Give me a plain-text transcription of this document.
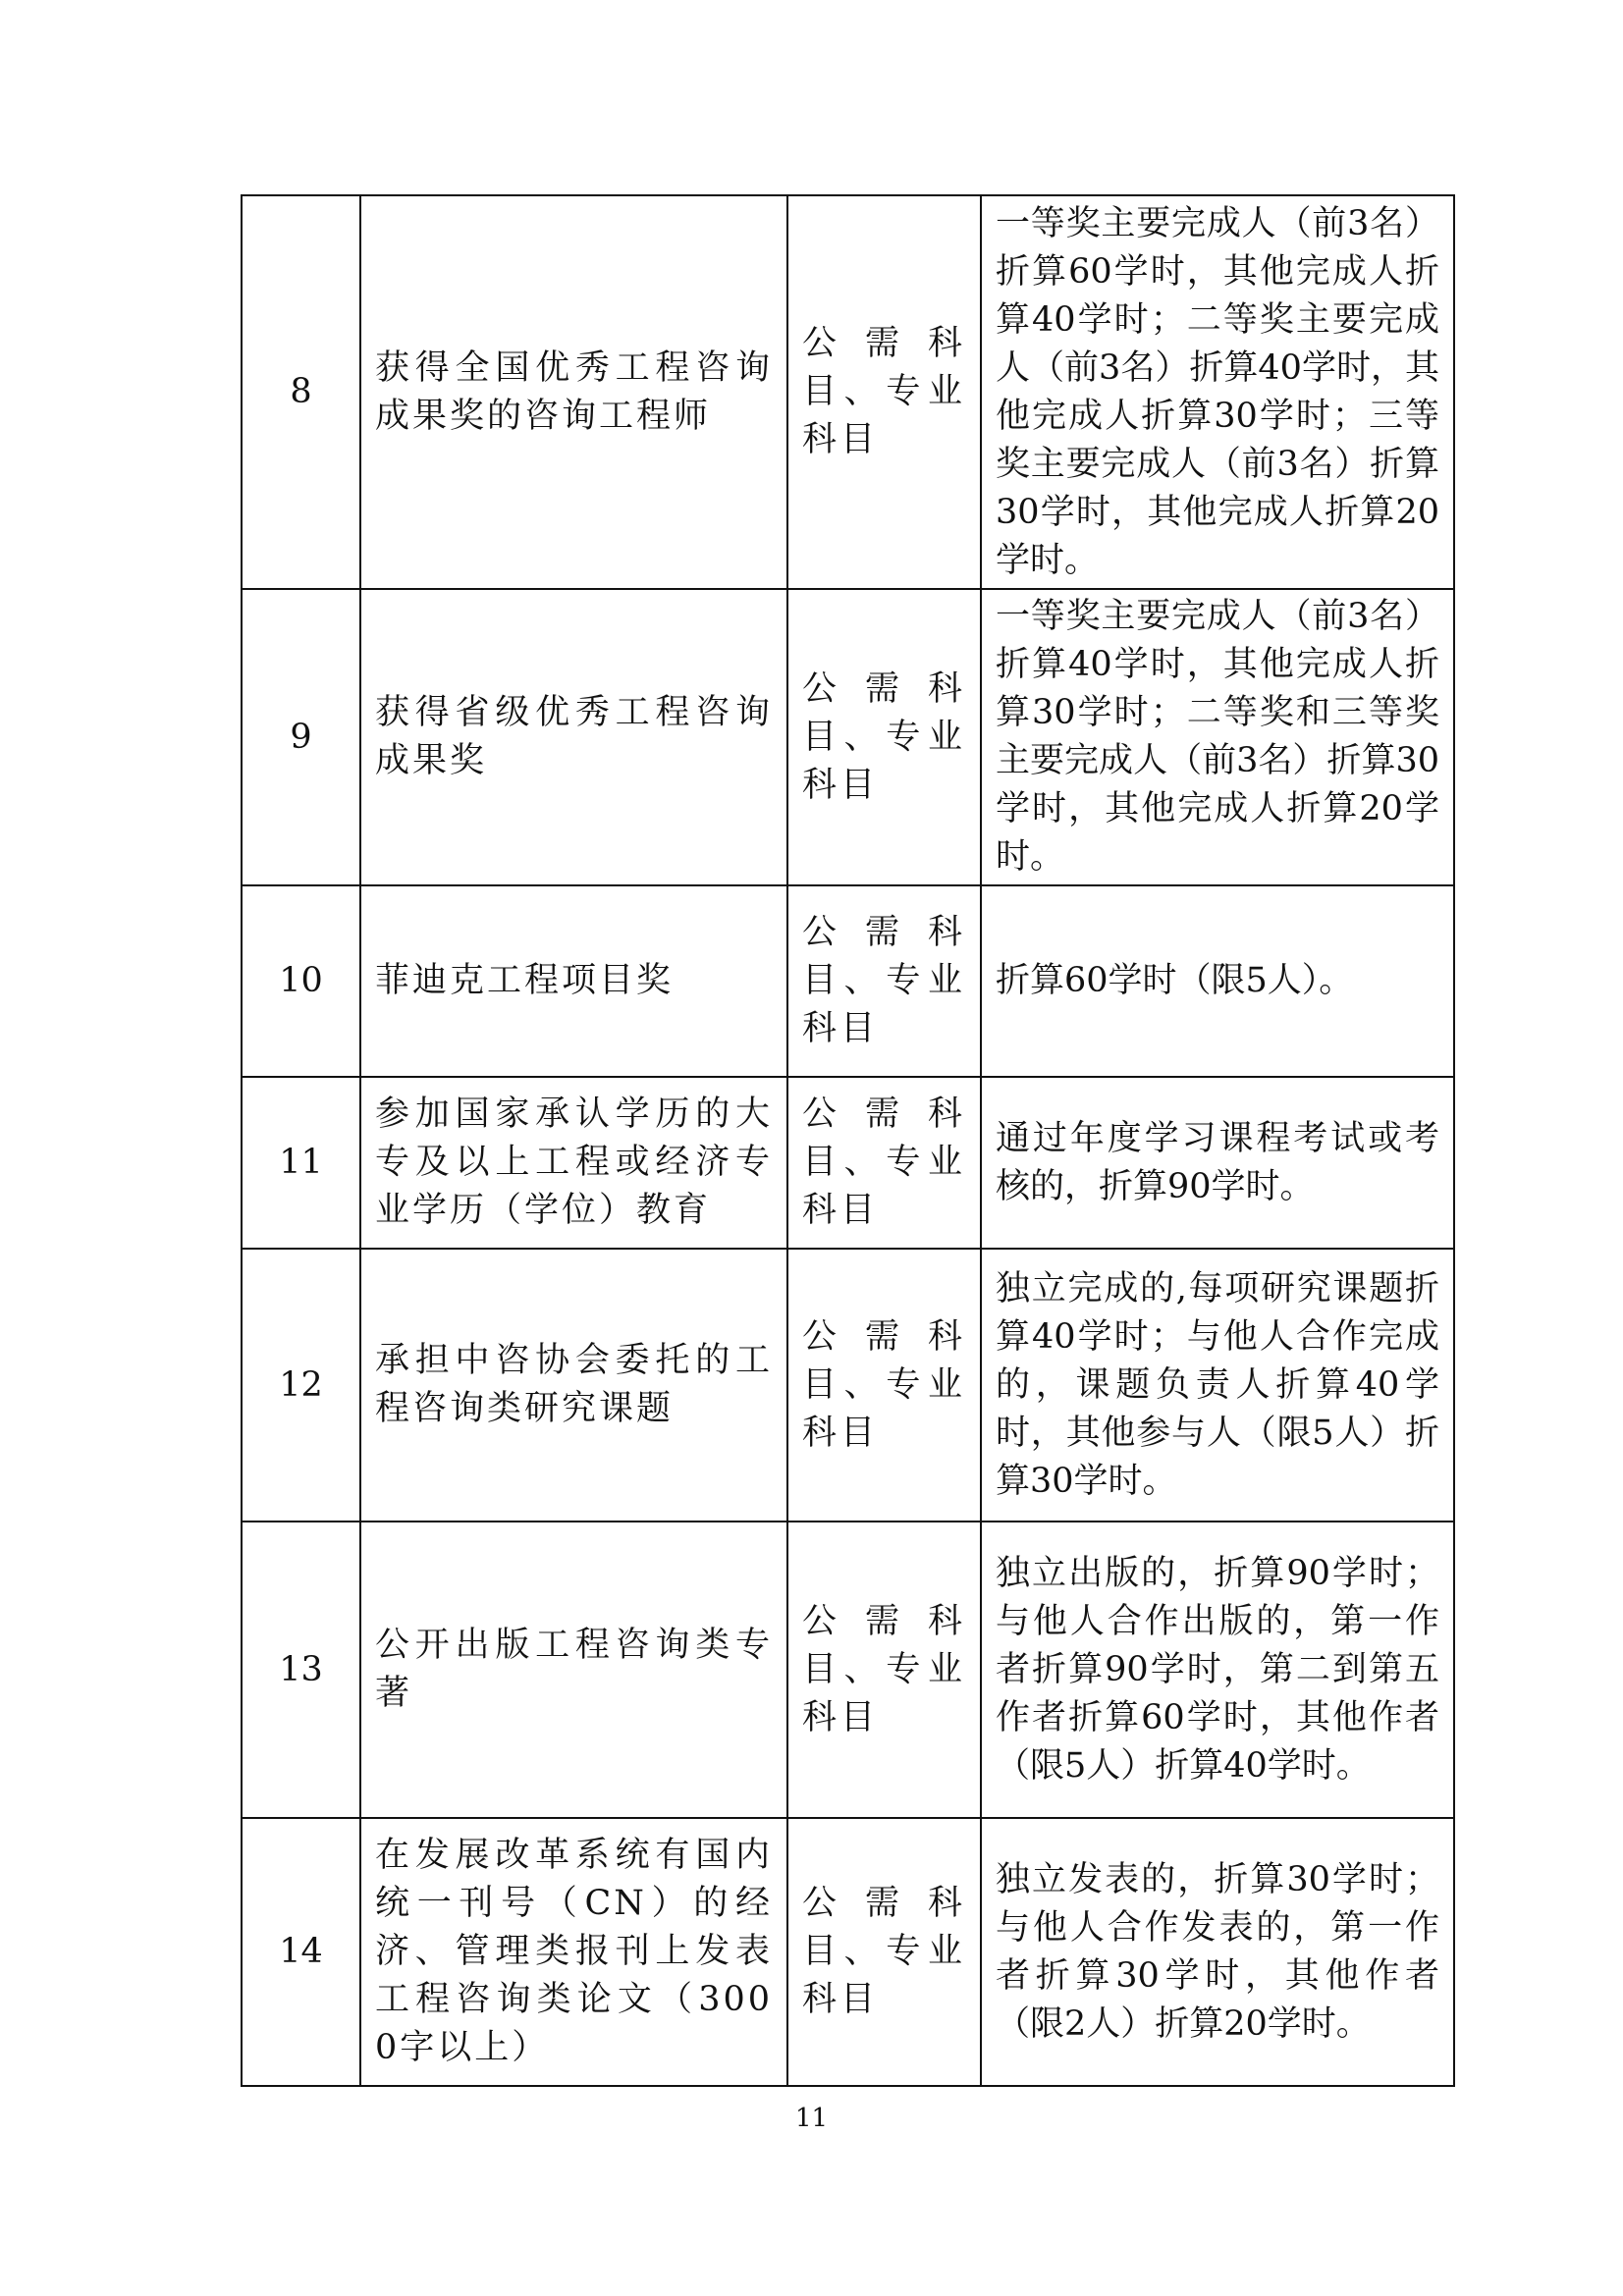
8	获得全国优秀工程咨询成果奖的咨询工程师	公需科目、专业科目	一等奖主要完成人（前3名）折算60学时，其他完成人折算40学时；二等奖主要完成人（前3名）折算40学时，其他完成人折算30学时；三等奖主要完成人（前3名）折算30学时，其他完成人折算20学时。
9	获得省级优秀工程咨询成果奖	公需科目、专业科目	一等奖主要完成人（前3名）折算40学时，其他完成人折算30学时；二等奖和三等奖主要完成人（前3名）折算30学时，其他完成人折算20学时。
10	菲迪克工程项目奖	公需科目、专业科目	折算60学时（限5人）。
11	参加国家承认学历的大专及以上工程或经济专业学历（学位）教育	公需科目、专业科目	通过年度学习课程考试或考核的，折算90学时。
12	承担中咨协会委托的工程咨询类研究课题	公需科目、专业科目	独立完成的,每项研究课题折算40学时；与他人合作完成的，课题负责人折算40学时，其他参与人（限5人）折算30学时。
13	公开出版工程咨询类专著	公需科目、专业科目	独立出版的，折算90学时；与他人合作出版的，第一作者折算90学时，第二到第五作者折算60学时，其他作者（限5人）折算40学时。
14	在发展改革系统有国内统一刊号（CN）的经济、管理类报刊上发表工程咨询类论文（3000字以上）	公需科目、专业科目	独立发表的，折算30学时；与他人合作发表的，第一作者折算30学时，其他作者（限2人）折算20学时。
11
